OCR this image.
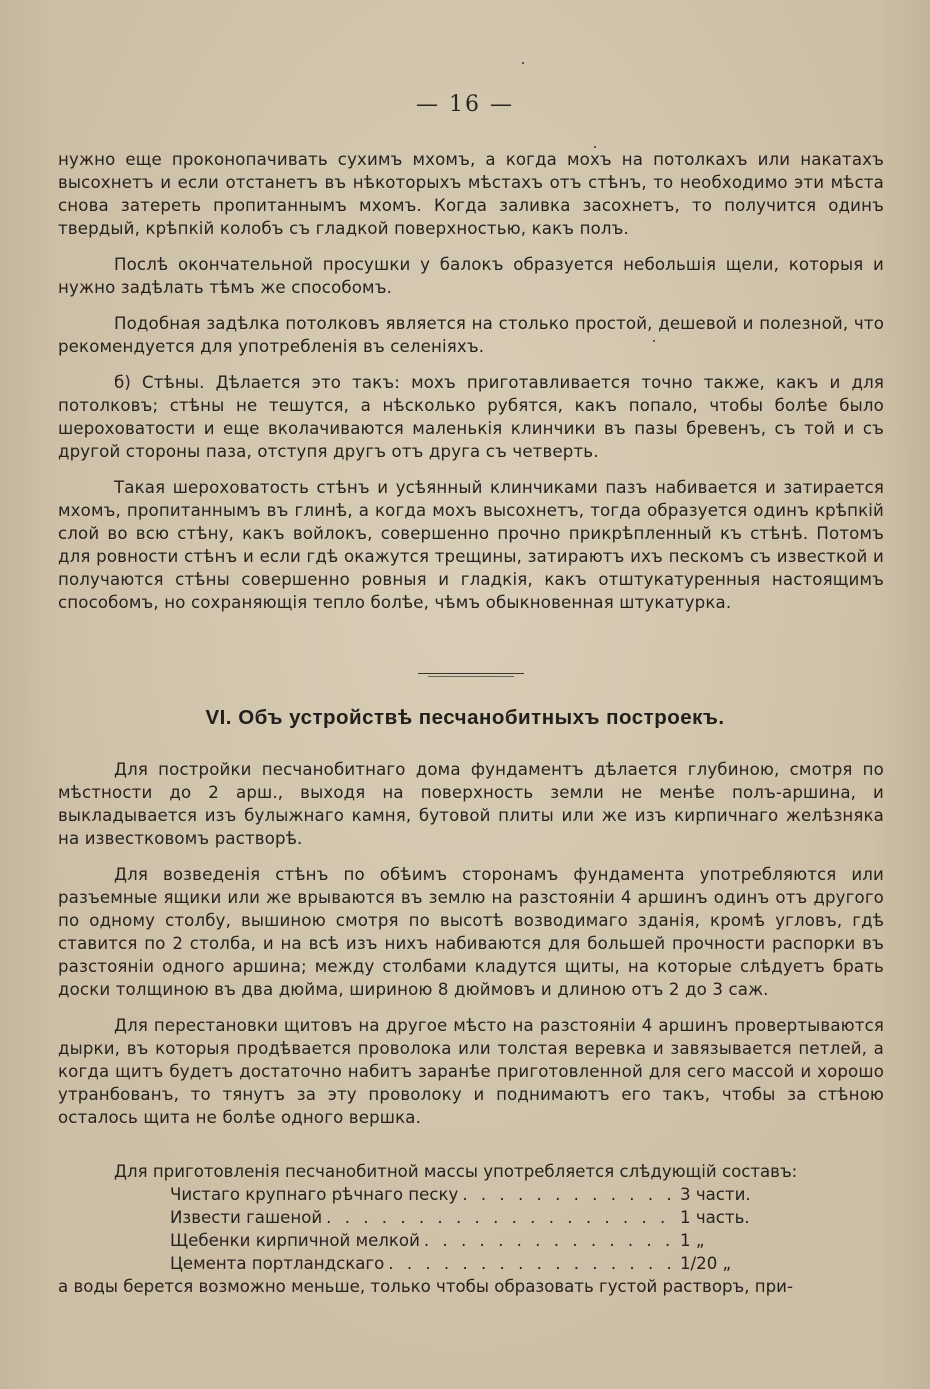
— 16 —

нужно еще проконопачивать сухимъ мхомъ, а когда мохъ на потолкахъ или накатахъ высохнетъ и если отстанетъ въ нѣкоторыхъ мѣстахъ отъ стѣнъ, то необходимо эти мѣста снова затереть пропитаннымъ мхомъ. Когда заливка засохнетъ, то получится одинъ твердый, крѣпкій колобъ съ гладкой поверхностью, какъ полъ.

Послѣ окончательной просушки у балокъ образуется небольшія щели, которыя и нужно задѣлать тѣмъ же способомъ.

Подобная задѣлка потолковъ является на столько простой, дешевой и полезной, что рекомендуется для употребленія въ селеніяхъ.

б) Стѣны. Дѣлается это такъ: мохъ приготавливается точно также, какъ и для потолковъ; стѣны не тешутся, а нѣсколько рубятся, какъ попало, чтобы болѣе было шероховатости и еще вколачиваются маленькія клинчики въ пазы бревенъ, съ той и съ другой стороны паза, отступя другъ отъ друга съ четверть.

Такая шероховатость стѣнъ и усѣянный клинчиками пазъ набивается и затирается мхомъ, пропитаннымъ въ глинѣ, а когда мохъ высохнетъ, тогда образуется одинъ крѣпкій слой во всю стѣну, какъ войлокъ, совершенно прочно прикрѣпленный къ стѣнѣ. Потомъ для ровности стѣнъ и если гдѣ окажутся трещины, затираютъ ихъ пескомъ съ известкой и получаются стѣны совершенно ровныя и гладкія, какъ отштукатуренныя настоящимъ способомъ, но сохраняющія тепло болѣе, чѣмъ обыкновенная штукатурка.

VI. Объ устройствѣ песчанобитныхъ построекъ.

Для постройки песчанобитнаго дома фундаментъ дѣлается глубиною, смотря по мѣстности до 2 арш., выходя на поверхность земли не менѣе полъ-аршина, и выкладывается изъ булыжнаго камня, бутовой плиты или же изъ кирпичнаго желѣзняка на известковомъ растворѣ.

Для возведенія стѣнъ по обѣимъ сторонамъ фундамента употребляются или разъемные ящики или же врываются въ землю на разстояніи 4 аршинъ одинъ отъ другого по одному столбу, вышиною смотря по высотѣ возводимаго зданія, кромѣ угловъ, гдѣ ставится по 2 столба, и на всѣ изъ нихъ набиваются для большей прочности распорки въ разстояніи одного аршина; между столбами кладутся щиты, на которые слѣдуетъ брать доски толщиною въ два дюйма, шириною 8 дюймовъ и длиною отъ 2 до 3 саж.

Для перестановки щитовъ на другое мѣсто на разстояніи 4 аршинъ провертываются дырки, въ которыя продѣвается проволока или толстая веревка и завязывается петлей, а когда щитъ будетъ достаточно набитъ заранѣе приготовленной для сего массой и хорошо утранбованъ, то тянутъ за эту проволоку и поднимаютъ его такъ, чтобы за стѣною осталось щита не болѣе одного вершка.

Для приготовленія песчанобитной массы употребляется слѣдующій составъ:

Чистаго крупнаго рѣчнаго песку . . .	3 части.
Извести гашеной . . .	1 часть.
Щебенки кирпичной мелкой . . .	1 „
Цемента портландскаго . . .	1/20 „

а воды берется возможно меньше, только чтобы образовать густой растворъ, при-
